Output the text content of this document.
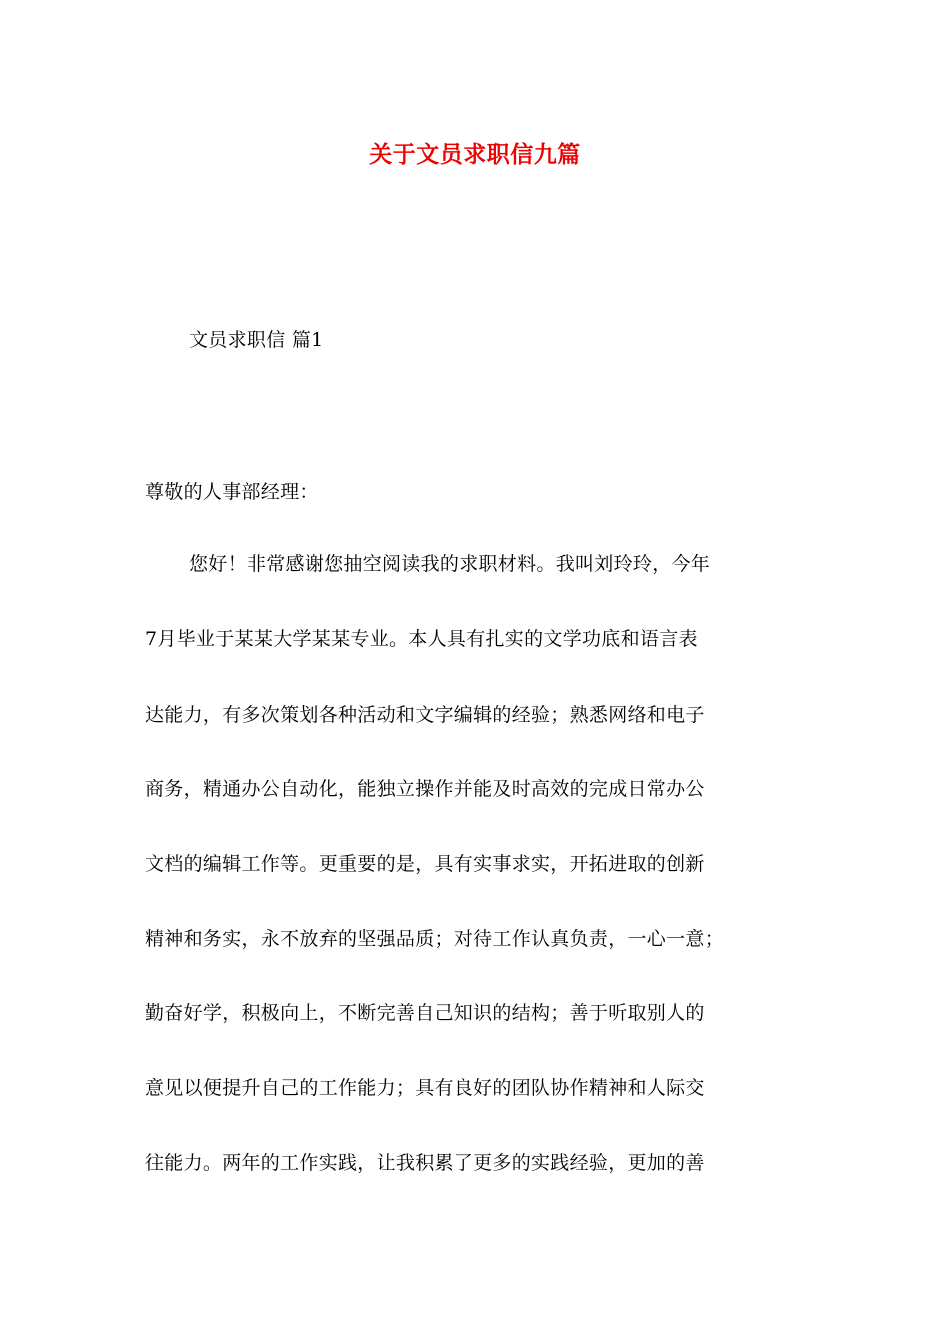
关于文员求职信九篇

文员求职信 篇1

尊敬的人事部经理：

您好！非常感谢您抽空阅读我的求职材料。我叫刘玲玲，今年

7月毕业于某某大学某某专业。本人具有扎实的文学功底和语言表

达能力，有多次策划各种活动和文字编辑的经验；熟悉网络和电子

商务，精通办公自动化，能独立操作并能及时高效的完成日常办公

文档的编辑工作等。更重要的是，具有实事求实，开拓进取的创新

精神和务实，永不放弃的坚强品质；对待工作认真负责，一心一意；

勤奋好学，积极向上，不断完善自己知识的结构；善于听取别人的

意见以便提升自己的工作能力；具有良好的团队协作精神和人际交

往能力。两年的工作实践，让我积累了更多的实践经验，更加的善
